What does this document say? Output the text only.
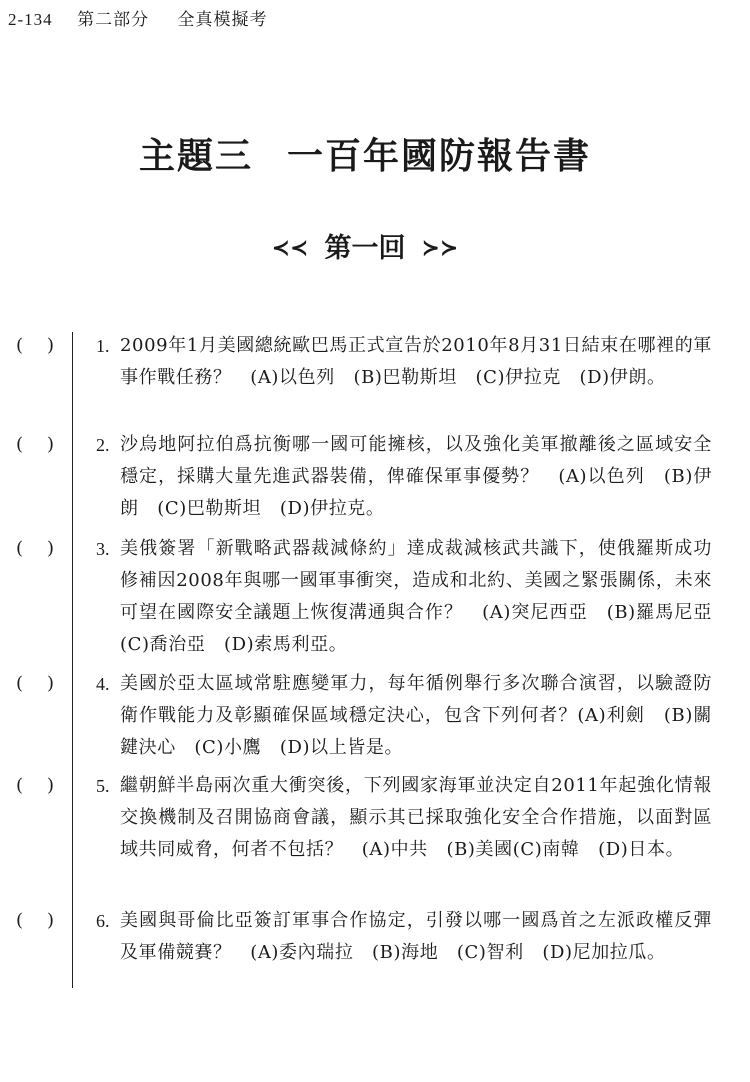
2-134 第二部分 全真模擬考
主題三 一百年國防報告書
≺≺ 第一回 ≻≻
( ) 1. 2009年1月美國總統歐巴馬正式宣告於2010年8月31日結束在哪裡的軍事作戰任務？　(A)以色列　(B)巴勒斯坦　(C)伊拉克　(D)伊朗。
( ) 2. 沙烏地阿拉伯爲抗衡哪一國可能擁核，以及強化美軍撤離後之區域安全穩定，採購大量先進武器裝備，俾確保軍事優勢？　(A)以色列　(B)伊朗　(C)巴勒斯坦　(D)伊拉克。
( ) 3. 美俄簽署「新戰略武器裁減條約」達成裁減核武共識下，使俄羅斯成功修補因2008年與哪一國軍事衝突，造成和北約、美國之緊張關係，未來可望在國際安全議題上恢復溝通與合作？　(A)突尼西亞　(B)羅馬尼亞　(C)喬治亞　(D)索馬利亞。
( ) 4. 美國於亞太區域常駐應變軍力，每年循例舉行多次聯合演習，以驗證防衛作戰能力及彰顯確保區域穩定決心，包含下列何者？(A)利劍　(B)關鍵決心　(C)小鷹　(D)以上皆是。
( ) 5. 繼朝鮮半島兩次重大衝突後，下列國家海軍並決定自2011年起強化情報交換機制及召開協商會議，顯示其已採取強化安全合作措施，以面對區域共同威脅，何者不包括？　(A)中共　(B)美國(C)南韓　(D)日本。
( ) 6. 美國與哥倫比亞簽訂軍事合作協定，引發以哪一國爲首之左派政權反彈及軍備競賽？　(A)委內瑞拉　(B)海地　(C)智利　(D)尼加拉瓜。
